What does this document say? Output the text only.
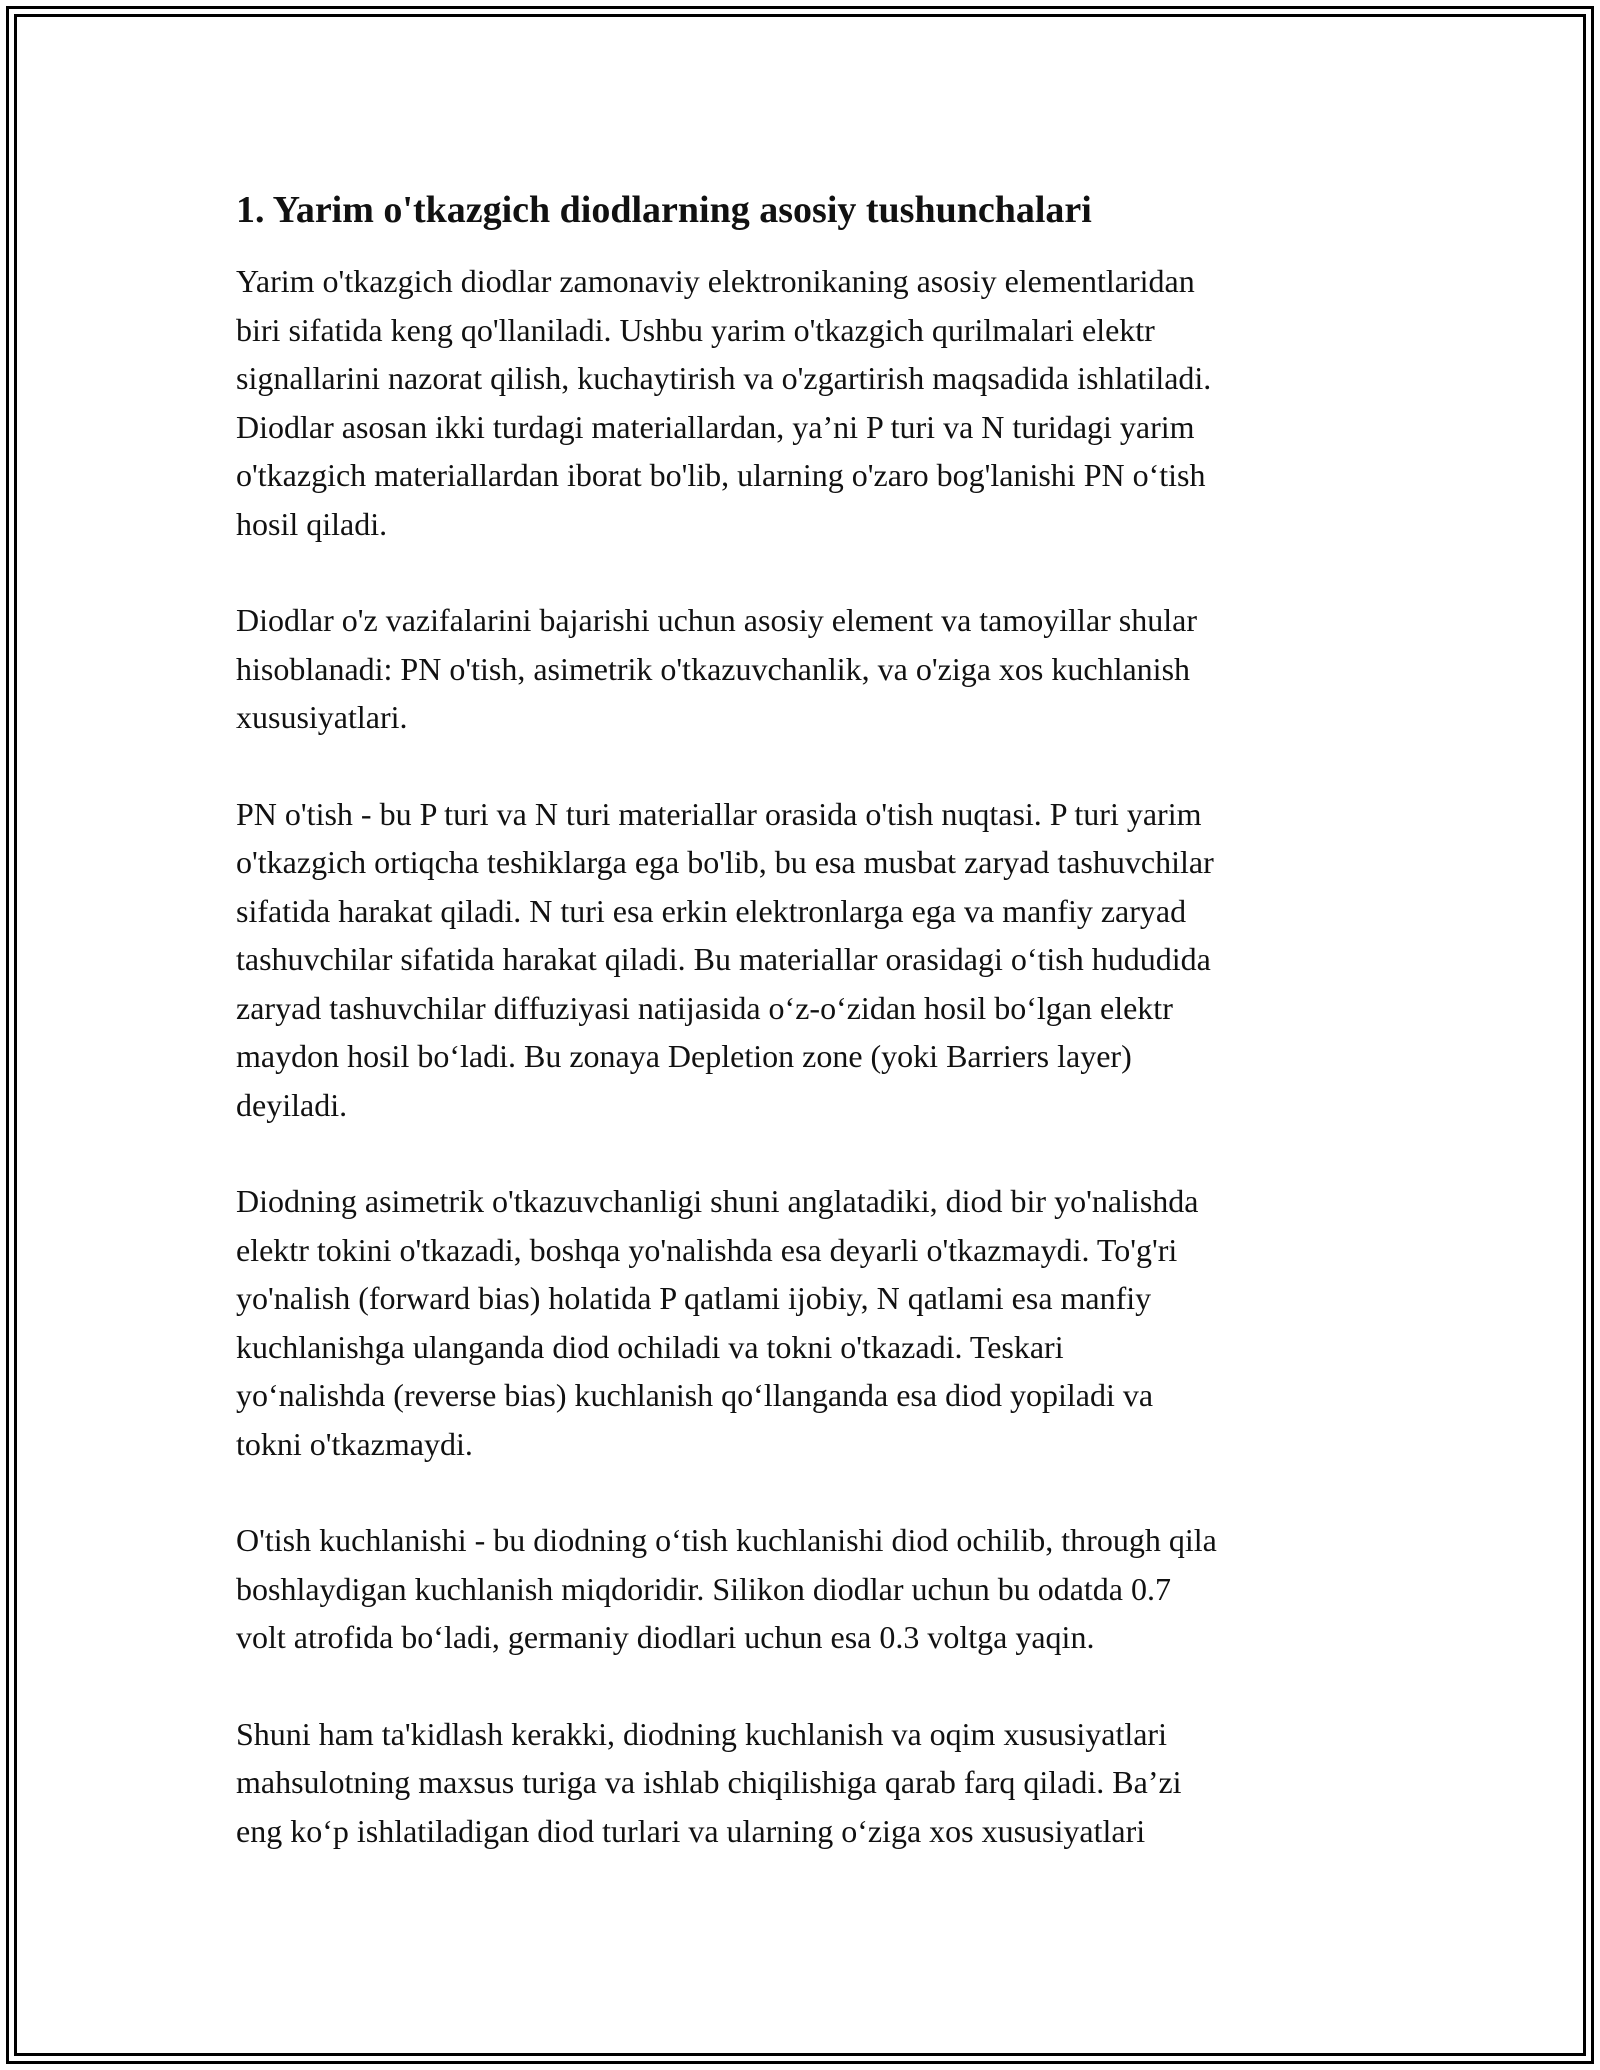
1. Yarim o'tkazgich diodlarning asosiy tushunchalari
Yarim o'tkazgich diodlar zamonaviy elektronikaning asosiy elementlaridan
biri sifatida keng qo'llaniladi. Ushbu yarim o'tkazgich qurilmalari elektr
signallarini nazorat qilish, kuchaytirish va o'zgartirish maqsadida ishlatiladi.
Diodlar asosan ikki turdagi materiallardan, ya’ni P turi va N turidagi yarim
o'tkazgich materiallardan iborat bo'lib, ularning o'zaro bog'lanishi PN o‘tish
hosil qiladi.
Diodlar o'z vazifalarini bajarishi uchun asosiy element va tamoyillar shular
hisoblanadi: PN o'tish, asimetrik o'tkazuvchanlik, va o'ziga xos kuchlanish
xususiyatlari.
PN o'tish - bu P turi va N turi materiallar orasida o'tish nuqtasi. P turi yarim
o'tkazgich ortiqcha teshiklarga ega bo'lib, bu esa musbat zaryad tashuvchilar
sifatida harakat qiladi. N turi esa erkin elektronlarga ega va manfiy zaryad
tashuvchilar sifatida harakat qiladi. Bu materiallar orasidagi o‘tish hududida
zaryad tashuvchilar diffuziyasi natijasida o‘z-o‘zidan hosil bo‘lgan elektr
maydon hosil bo‘ladi. Bu zonaya Depletion zone (yoki Barriers layer)
deyiladi.
Diodning asimetrik o'tkazuvchanligi shuni anglatadiki, diod bir yo'nalishda
elektr tokini o'tkazadi, boshqa yo'nalishda esa deyarli o'tkazmaydi. To'g'ri
yo'nalish (forward bias) holatida P qatlami ijobiy, N qatlami esa manfiy
kuchlanishga ulanganda diod ochiladi va tokni o'tkazadi. Teskari
yo‘nalishda (reverse bias) kuchlanish qo‘llanganda esa diod yopiladi va
tokni o'tkazmaydi.
O'tish kuchlanishi - bu diodning o‘tish kuchlanishi diod ochilib, through qila
boshlaydigan kuchlanish miqdoridir. Silikon diodlar uchun bu odatda 0.7
volt atrofida bo‘ladi, germaniy diodlari uchun esa 0.3 voltga yaqin.
Shuni ham ta'kidlash kerakki, diodning kuchlanish va oqim xususiyatlari
mahsulotning maxsus turiga va ishlab chiqilishiga qarab farq qiladi. Ba’zi
eng ko‘p ishlatiladigan diod turlari va ularning o‘ziga xos xususiyatlari
